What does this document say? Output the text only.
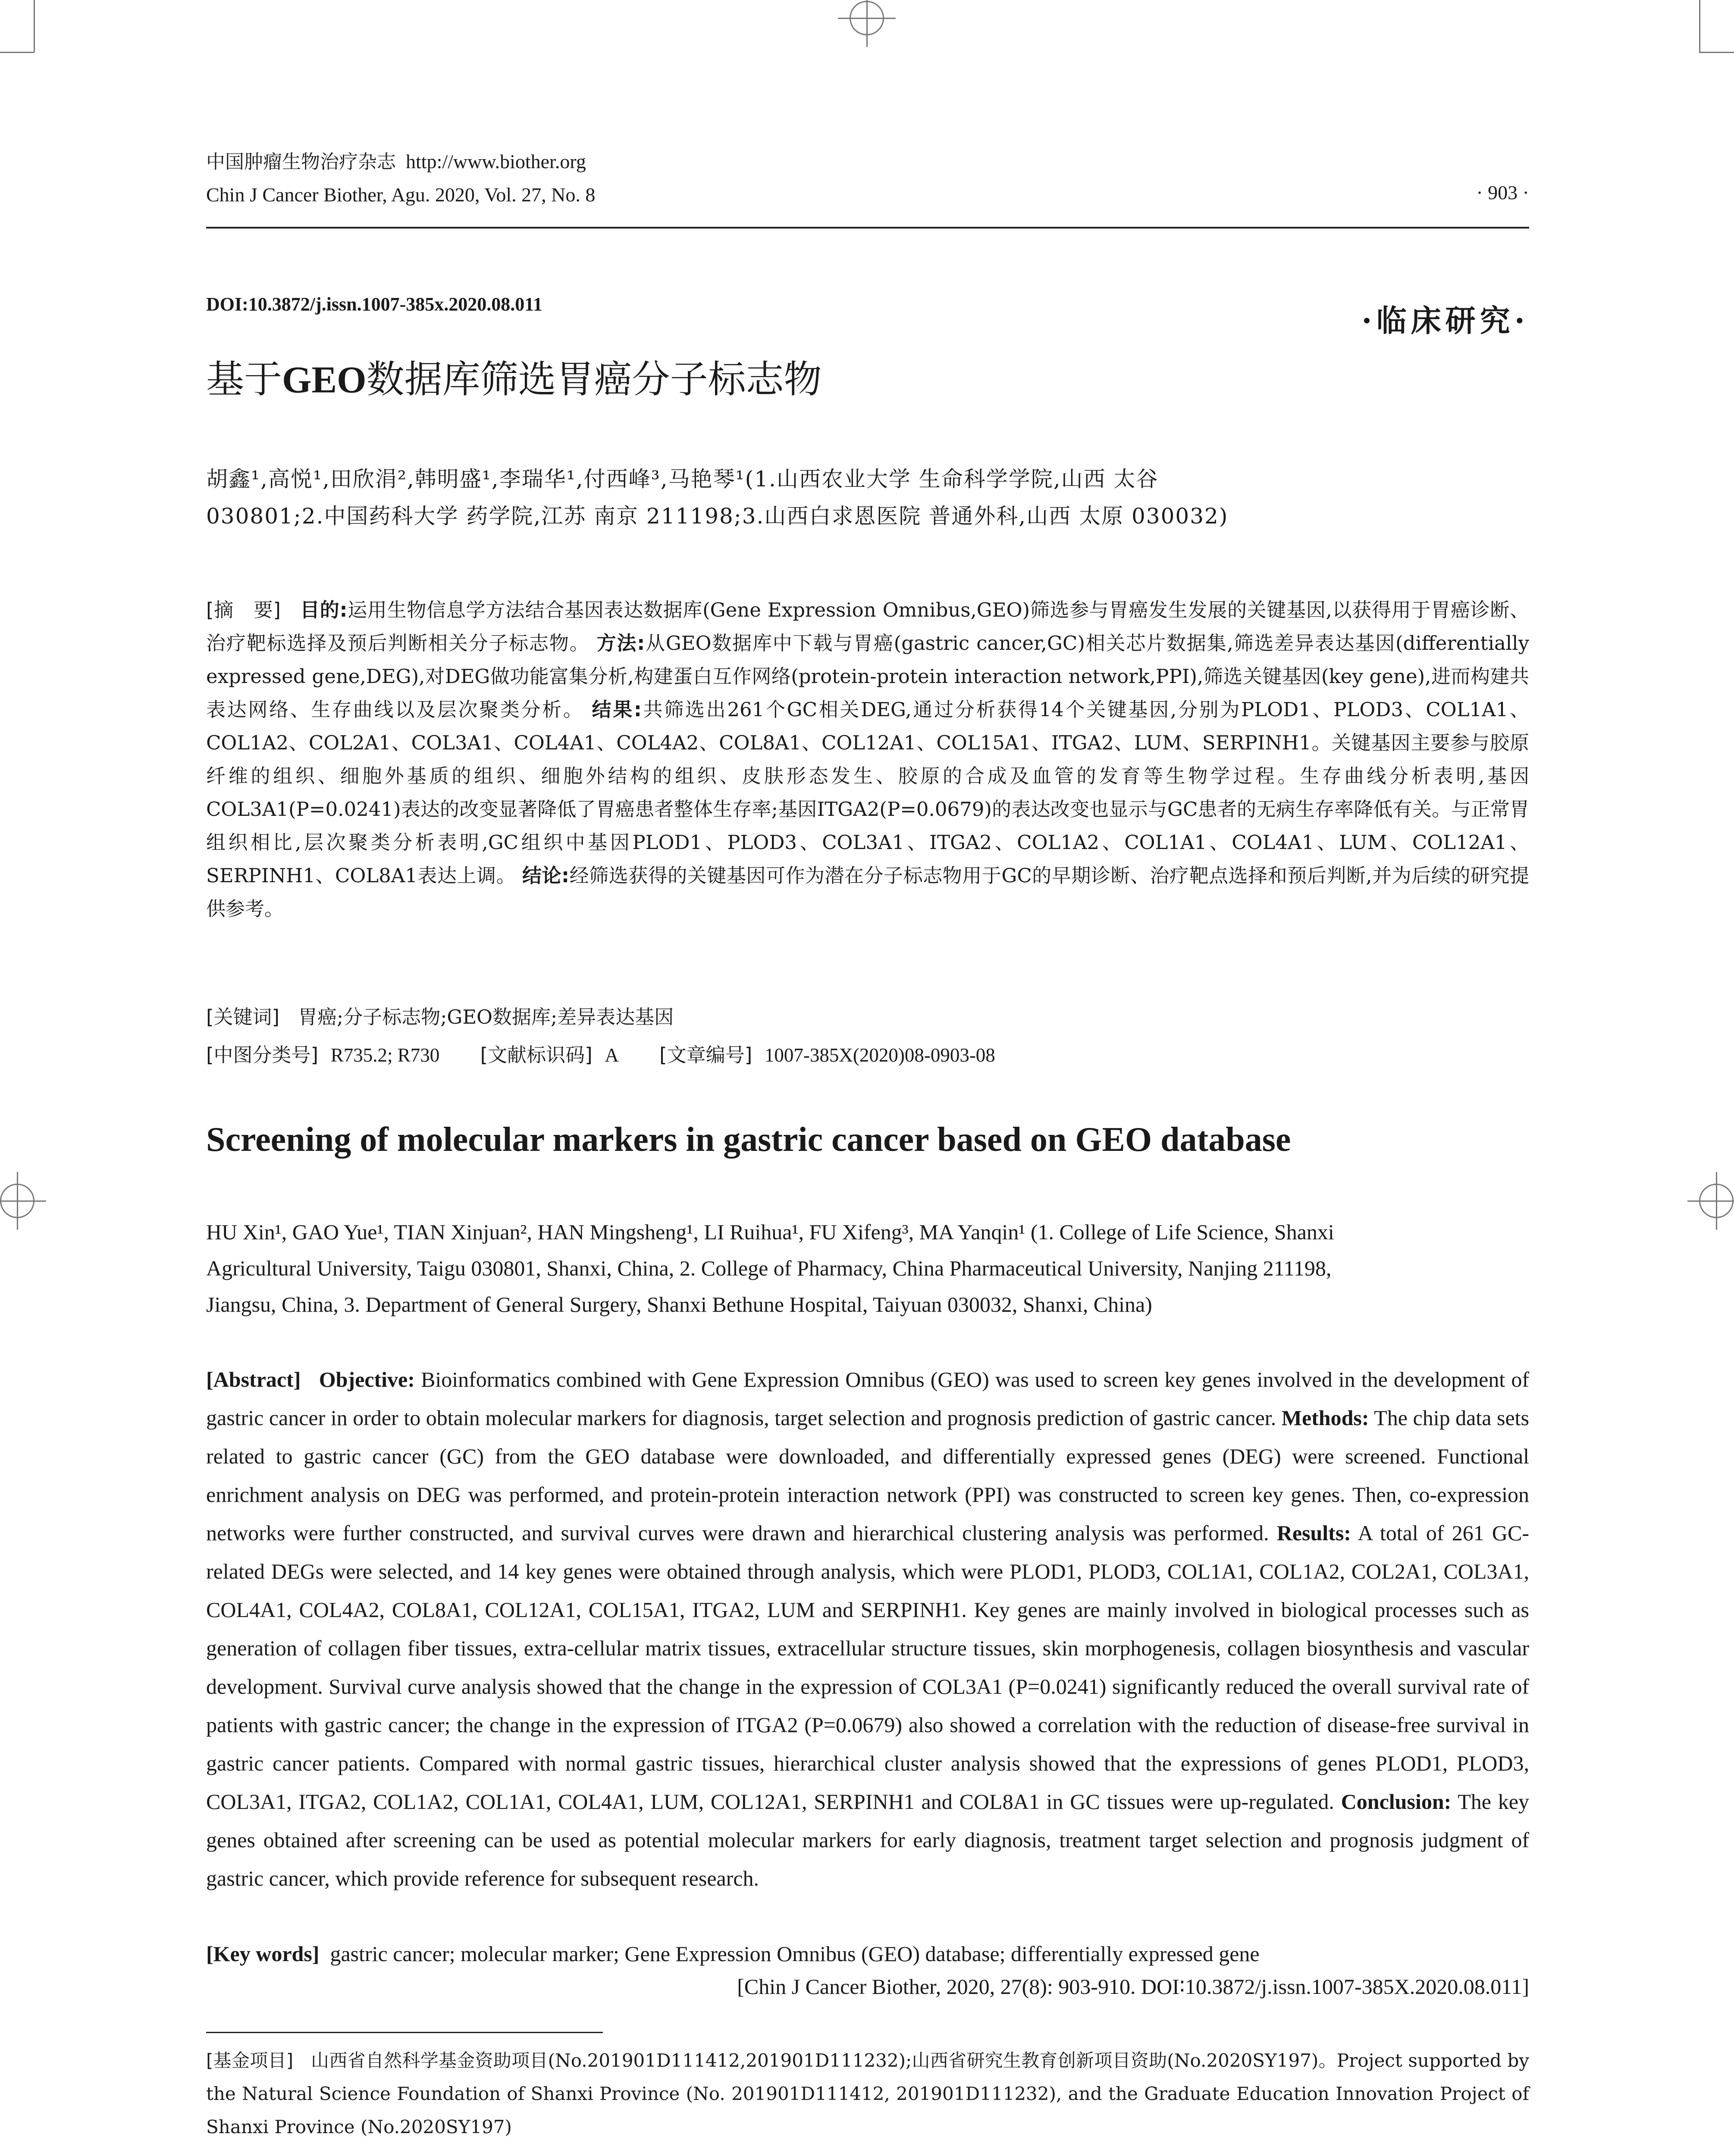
中国肿瘤生物治疗杂志 http://www.biother.org
Chin J Cancer Biother, Agu. 2020, Vol. 27, No. 8	· 903 ·
DOI:10.3872/j.issn.1007-385x.2020.08.011	·临床研究·
基于GEO数据库筛选胃癌分子标志物
胡鑫¹,高悦¹,田欣涓²,韩明盛¹,李瑞华¹,付西峰³,马艳琴¹(1.山西农业大学 生命科学学院,山西 太谷
030801;2.中国药科大学 药学院,江苏 南京 211198;3.山西白求恩医院 普通外科,山西 太原 030032)
[摘　要] 目的:运用生物信息学方法结合基因表达数据库(Gene Expression Omnibus,GEO)筛选参与胃癌发生发展的关键基因,以获得用于胃癌诊断、治疗靶标选择及预后判断相关分子标志物。 方法:从GEO数据库中下载与胃癌(gastric cancer,GC)相关芯片数据集,筛选差异表达基因(differentially expressed gene,DEG),对DEG做功能富集分析,构建蛋白互作网络(protein-protein interaction network,PPI),筛选关键基因(key gene),进而构建共表达网络、生存曲线以及层次聚类分析。 结果:共筛选出261个GC相关DEG,通过分析获得14个关键基因,分别为PLOD1、PLOD3、COL1A1、COL1A2、COL2A1、COL3A1、COL4A1、COL4A2、COL8A1、COL12A1、COL15A1、ITGA2、LUM、SERPINH1。关键基因主要参与胶原纤维的组织、细胞外基质的组织、细胞外结构的组织、皮肤形态发生、胶原的合成及血管的发育等生物学过程。生存曲线分析表明,基因COL3A1(P=0.0241)表达的改变显著降低了胃癌患者整体生存率;基因ITGA2(P=0.0679)的表达改变也显示与GC患者的无病生存率降低有关。与正常胃组织相比,层次聚类分析表明,GC组织中基因PLOD1、PLOD3、COL3A1、ITGA2、COL1A2、COL1A1、COL4A1、LUM、COL12A1、SERPINH1、COL8A1表达上调。 结论:经筛选获得的关键基因可作为潜在分子标志物用于GC的早期诊断、治疗靶点选择和预后判断,并为后续的研究提供参考。
[关键词] 胃癌;分子标志物;GEO数据库;差异表达基因
[中图分类号] R735.2; R730 [文献标识码] A [文章编号] 1007-385X(2020)08-0903-08
Screening of molecular markers in gastric cancer based on GEO database
HU Xin¹, GAO Yue¹, TIAN Xinjuan², HAN Mingsheng¹, LI Ruihua¹, FU Xifeng³, MA Yanqin¹ (1. College of Life Science, Shanxi
Agricultural University, Taigu 030801, Shanxi, China, 2. College of Pharmacy, China Pharmaceutical University, Nanjing 211198,
Jiangsu, China, 3. Department of General Surgery, Shanxi Bethune Hospital, Taiyuan 030032, Shanxi, China)
[Abstract] Objective: Bioinformatics combined with Gene Expression Omnibus (GEO) was used to screen key genes involved in the development of gastric cancer in order to obtain molecular markers for diagnosis, target selection and prognosis prediction of gastric cancer. Methods: The chip data sets related to gastric cancer (GC) from the GEO database were downloaded, and differentially expressed genes (DEG) were screened. Functional enrichment analysis on DEG was performed, and protein-protein interaction network (PPI) was constructed to screen key genes. Then, co-expression networks were further constructed, and survival curves were drawn and hierarchical clustering analysis was performed. Results: A total of 261 GC-related DEGs were selected, and 14 key genes were obtained through analysis, which were PLOD1, PLOD3, COL1A1, COL1A2, COL2A1, COL3A1, COL4A1, COL4A2, COL8A1, COL12A1, COL15A1, ITGA2, LUM and SERPINH1. Key genes are mainly involved in biological processes such as generation of collagen fiber tissues, extra-cellular matrix tissues, extracellular structure tissues, skin morphogenesis, collagen biosynthesis and vascular development. Survival curve analysis showed that the change in the expression of COL3A1 (P=0.0241) significantly reduced the overall survival rate of patients with gastric cancer; the change in the expression of ITGA2 (P=0.0679) also showed a correlation with the reduction of disease-free survival in gastric cancer patients. Compared with normal gastric tissues, hierarchical cluster analysis showed that the expressions of genes PLOD1, PLOD3, COL3A1, ITGA2, COL1A2, COL1A1, COL4A1, LUM, COL12A1, SERPINH1 and COL8A1 in GC tissues were up-regulated. Conclusion: The key genes obtained after screening can be used as potential molecular markers for early diagnosis, treatment target selection and prognosis judgment of gastric cancer, which provide reference for subsequent research.
[Key words] gastric cancer; molecular marker; Gene Expression Omnibus (GEO) database; differentially expressed gene
[Chin J Cancer Biother, 2020, 27(8): 903-910. DOI∶10.3872/j.issn.1007-385X.2020.08.011]
[基金项目] 山西省自然科学基金资助项目(No.201901D111412,201901D111232);山西省研究生教育创新项目资助(No.2020SY197)。Project supported by the Natural Science Foundation of Shanxi Province (No. 201901D111412, 201901D111232), and the Graduate Education Innovation Project of Shanxi Province (No.2020SY197)
